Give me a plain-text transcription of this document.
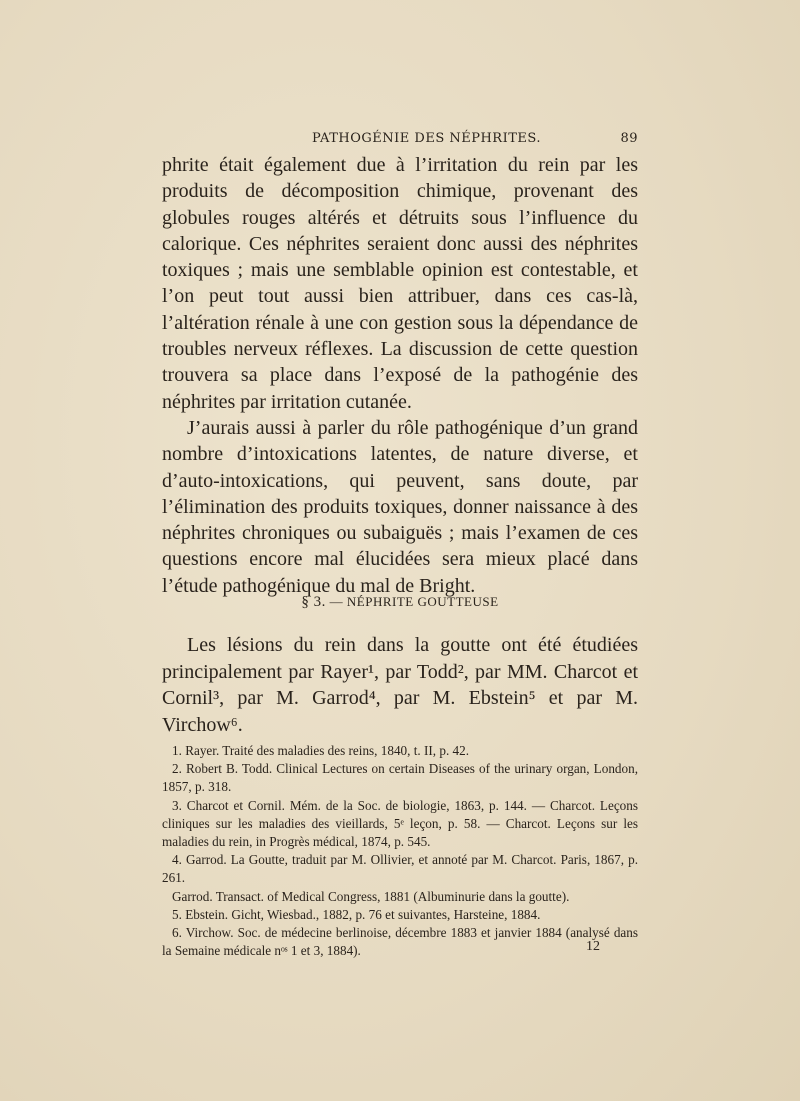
PATHOGÉNIE DES NÉPHRITES.	89

phrite était également due à l’irritation du rein par les produits de décomposition chimique, provenant des globules rouges altérés et détruits sous l’influence du calorique. Ces néphrites seraient donc aussi des néphrites toxiques ; mais une semblable opinion est contestable, et l’on peut tout aussi bien attribuer, dans ces cas-là, l’altération rénale à une con gestion sous la dépendance de troubles nerveux réflexes. La discussion de cette question trouvera sa place dans l’exposé de la pathogénie des néphrites par irritation cutanée.

J’aurais aussi à parler du rôle pathogénique d’un grand nombre d’intoxications latentes, de nature diverse, et d’auto-intoxications, qui peuvent, sans doute, par l’élimination des produits toxiques, donner naissance à des néphrites chroniques ou subaiguës ; mais l’examen de ces questions encore mal élucidées sera mieux placé dans l’étude pathogénique du mal de Bright.

§ 3. — NÉPHRITE GOUTTEUSE

Les lésions du rein dans la goutte ont été étudiées principalement par Rayer¹, par Todd², par MM. Charcot et Cornil³, par M. Garrod⁴, par M. Ebstein⁵ et par M. Virchow⁶.

1. Rayer. Traité des maladies des reins, 1840, t. II, p. 42.
2. Robert B. Todd. Clinical Lectures on certain Diseases of the urinary organ, London, 1857, p. 318.
3. Charcot et Cornil. Mém. de la Soc. de biologie, 1863, p. 144. — Charcot. Leçons cliniques sur les maladies des vieillards, 5ᵉ leçon, p. 58. — Charcot. Leçons sur les maladies du rein, in Progrès médical, 1874, p. 545.
4. Garrod. La Goutte, traduit par M. Ollivier, et annoté par M. Charcot. Paris, 1867, p. 261.
Garrod. Transact. of Medical Congress, 1881 (Albuminurie dans la goutte).
5. Ebstein. Gicht, Wiesbad., 1882, p. 76 et suivantes, Harsteine, 1884.
6. Virchow. Soc. de médecine berlinoise, décembre 1883 et janvier 1884 (analysé dans la Semaine médicale nᵒˢ 1 et 3, 1884).	12
